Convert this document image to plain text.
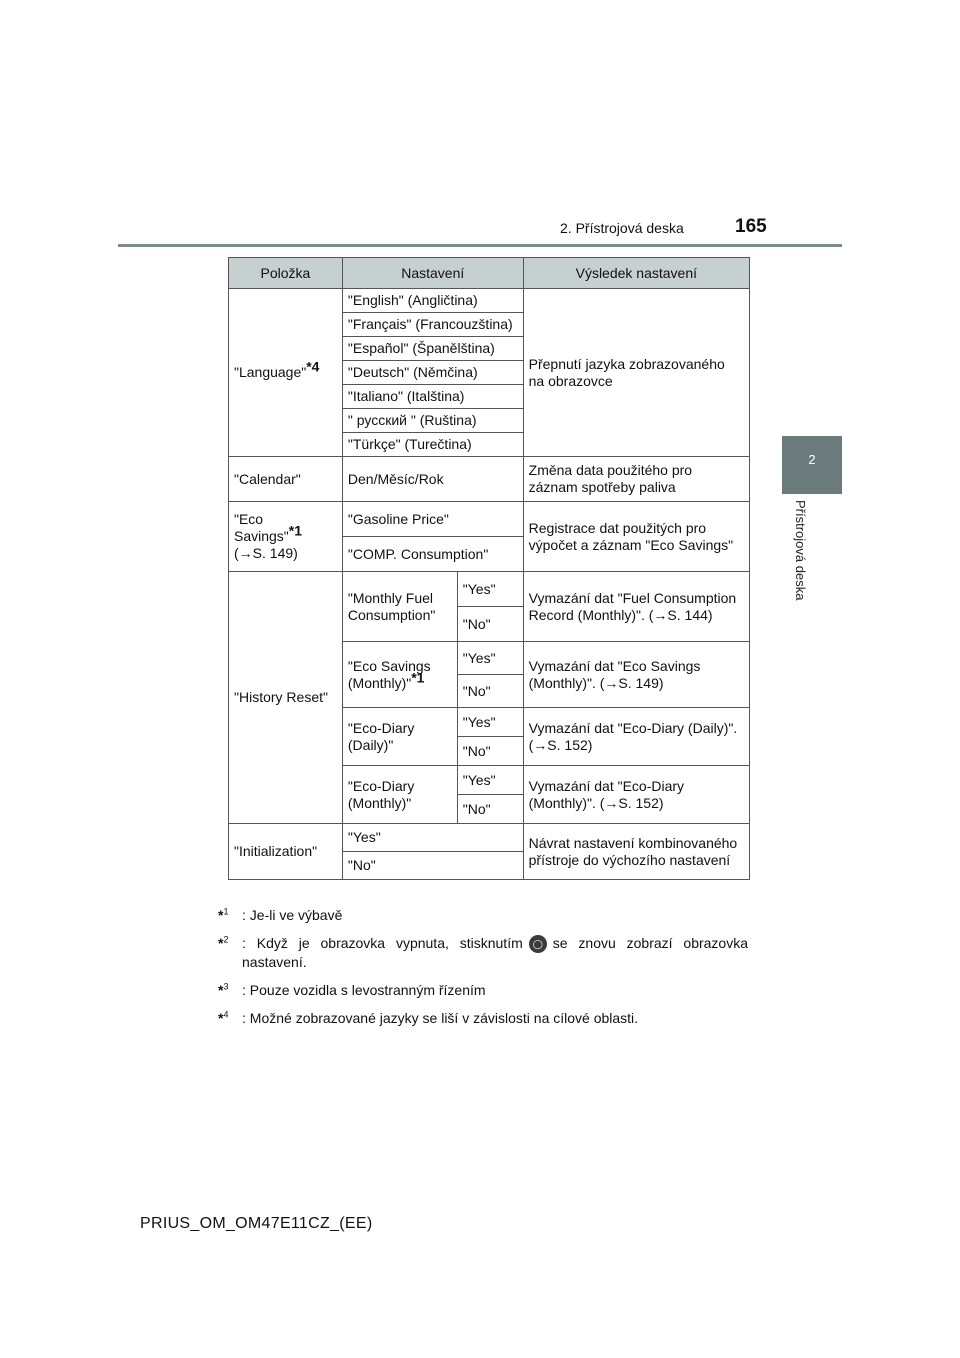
2. Přístrojová deska	165
2
Přístrojová deska
Položka	Nastavení		Výsledek nastavení
"Language"$^{*4}$	"English" (Angličtina)		Přepnutí jazyka zobrazovaného na obrazovce
	"Français" (Francouzština)		
	"Español" (Španělština)		
	"Deutsch" (Němčina)		
	"Italiano" (Italština)		
	" русский " (Ruština)		
	"Türkçe" (Turečtina)		
"Calendar"	Den/Měsíc/Rok		Změna data použitého pro záznam spotřeby paliva
"Eco
Savings"$^{*1}$
(→S. 149)	"Gasoline Price"		Registrace dat použitých pro výpočet a záznam "Eco Savings"
	"COMP. Consumption"		
"History Reset"	"Monthly Fuel Consumption"	"Yes"	Vymazání dat "Fuel Consumption Record (Monthly)". (→S. 144)
		"No"	
	"Eco Savings (Monthly)"$^{*1}$	"Yes"	Vymazání dat "Eco Savings (Monthly)". (→S. 149)
		"No"	
	"Eco-Diary (Daily)"	"Yes"	Vymazání dat "Eco-Diary (Daily)". (→S. 152)
		"No"	
	"Eco-Diary (Monthly)"	"Yes"	Vymazání dat "Eco-Diary (Monthly)". (→S. 152)
		"No"	
"Initialization"	"Yes"		Návrat nastavení kombinovaného přístroje do výchozího nastavení
	"No"		
*$^1$ : Je-li ve výbavě
*$^2$ : Když je obrazovka vypnuta, stisknutím ◯ se znovu zobrazí obrazovka nastavení.
*$^3$ : Pouze vozidla s levostranným řízením
*$^4$ : Možné zobrazované jazyky se liší v závislosti na cílové oblasti.
PRIUS_OM_OM47E11CZ_(EE)
